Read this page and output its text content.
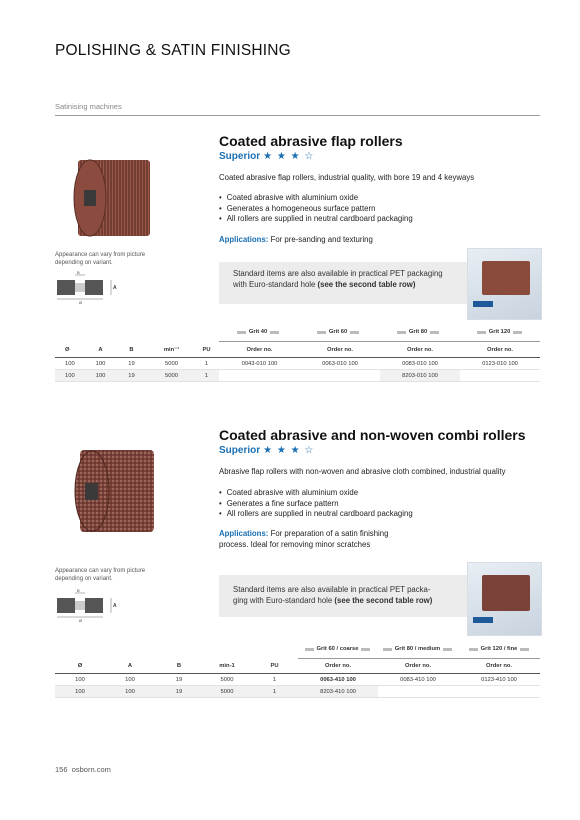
POLISHING & SATIN FINISHING
Satinising machines
Appearance can vary from picture
depending on variant.
B
A
Ø
Coated abrasive flap rollers
Superior ★ ★ ★ ☆
Coated abrasive flap rollers, industrial quality, with bore 19 and 4 keyways
• Coated abrasive with aluminium oxide
• Generates a homogeneous surface pattern
• All rollers are supplied in neutral cardboard packaging
Applications: For pre-sanding and texturing
Standard items are also available in practical PET packaging
with Euro-standard hole (see the second table row)
Grit 40	Grit 60	Grit 80	Grit 120
Ø	A	B	min⁻¹	PU	Order no.	Order no.	Order no.	Order no.
100	100	19	5000	1	0043-010 100	0063-010 100	0083-010 100	0123-010 100
100	100	19	5000	1			8203-010 100	
Appearance can vary from picture
depending on variant.
B
A
Ø
Coated abrasive and non-woven combi rollers
Superior ★ ★ ★ ☆
Abrasive flap rollers with non-woven and abrasive cloth combined, industrial quality
• Coated abrasive with aluminium oxide
• Generates a fine surface pattern
• All rollers are supplied in neutral cardboard packaging
Applications: For preparation of a satin finishing
process. Ideal for removing minor scratches
Standard items are also available in practical PET packa-
ging with Euro-standard hole (see the second table row)
Grit 60 / coarse	Grit 80 / medium	Grit 120 / fine
Ø	A	B	min-1	PU	Order no.	Order no.	Order no.
100	100	19	5000	1	0063-410 100	0083-410 100	0123-410 100
100	100	19	5000	1	8203-410 100		
156 osborn.com
